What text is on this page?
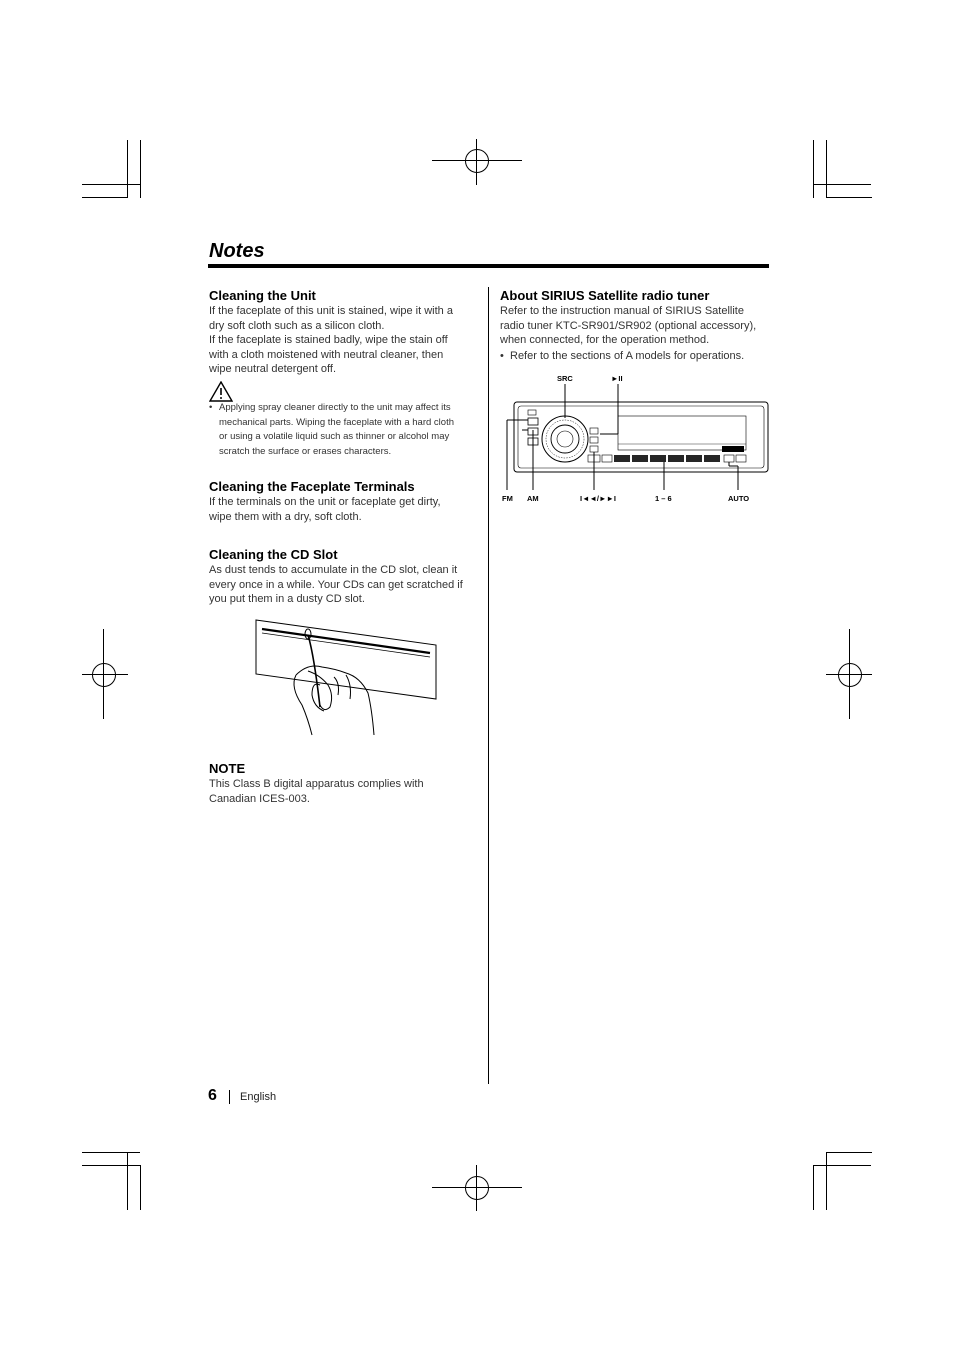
Notes
Cleaning the Unit
If the faceplate of this unit is stained, wipe it with a
dry soft cloth such as a silicon cloth.
If the faceplate is stained badly, wipe the stain off
with a cloth moistened with neutral cleaner, then
wipe neutral detergent off.
• Applying spray cleaner directly to the unit may affect its
mechanical parts. Wiping the faceplate with a hard cloth
or using a volatile liquid such as thinner or alcohol may
scratch the surface or erases characters.
Cleaning the Faceplate Terminals
If the terminals on the unit or faceplate get dirty,
wipe them with a dry, soft cloth.
Cleaning the CD Slot
As dust tends to accumulate in the CD slot, clean it
every once in a while. Your CDs can get scratched if
you put them in a dusty CD slot.
NOTE
This Class B digital apparatus complies with
Canadian ICES-003.
About SIRIUS Satellite radio tuner
Refer to the instruction manual of SIRIUS Satellite
radio tuner KTC-SR901/SR902 (optional accessory),
when connected, for the operation method.
• Refer to the sections of A models for operations.
SRC	►II
FM AM	I◄◄/►►I	1 – 6	AUTO
6 English
